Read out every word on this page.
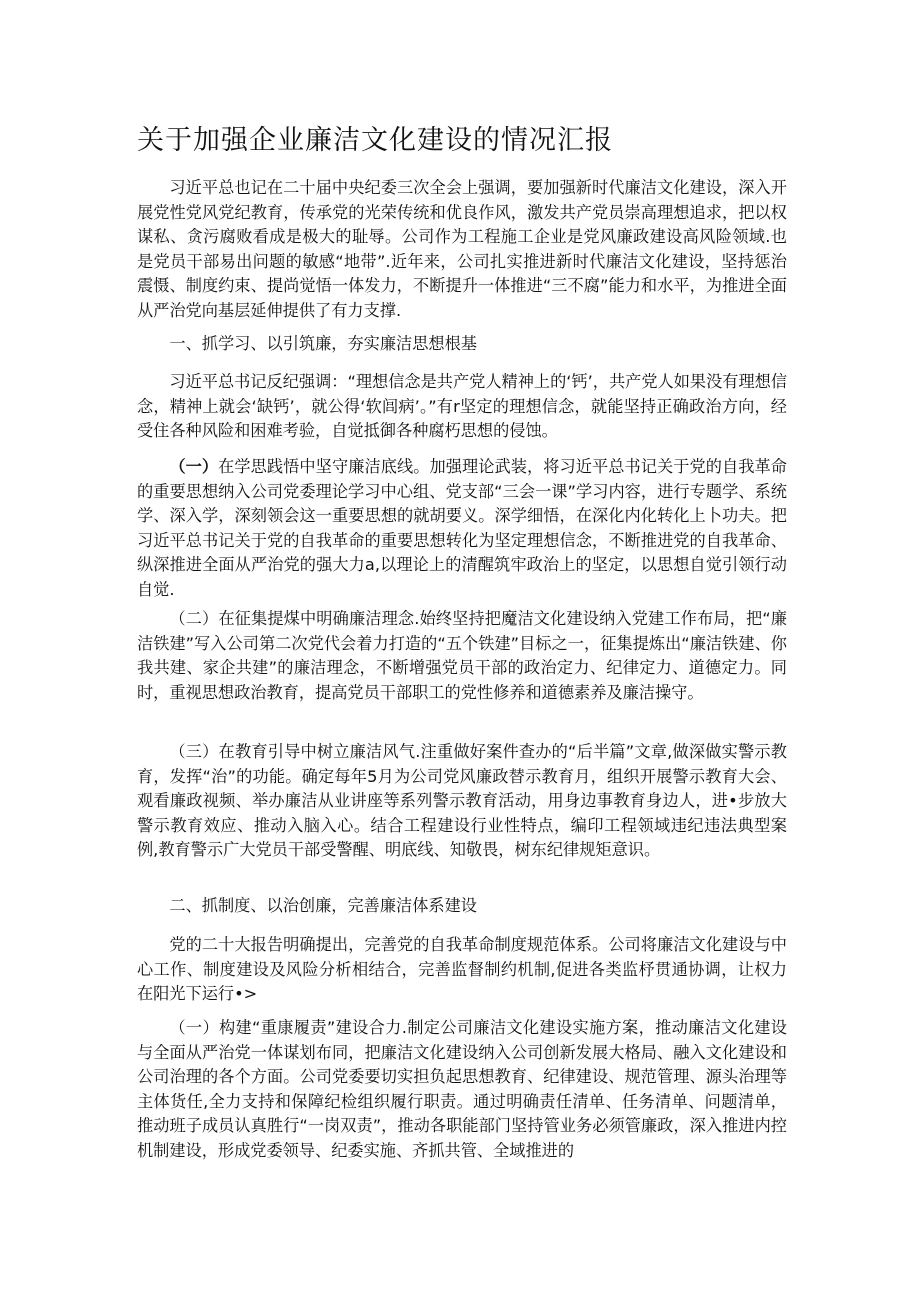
关于加强企业廉洁文化建设的情况汇报

习近平总也记在二十届中央纪委三次全会上强调，要加强新时代廉洁文化建设，深入开展党性党风党纪教育，传承党的光荣传统和优良作风，激发共产党员崇高理想追求，把以权谋私、贪污腐败看成是极大的耻辱。公司作为工程施工企业是党风廉政建设高风险领域.也是党员干部易出问题的敏感“地带”.近年来，公司扎实推进新时代廉洁文化建设，坚持惩治震慑、制度约束、提尚觉悟一体发力，不断提升一体推进“三不腐”能力和水平，为推进全面从严治党向基层延伸提供了有力支撑.

一、抓学习、以引筑廉，夯实廉洁思想根基

习近平总书记反纪强调：“理想信念是共产党人精神上的‘钙’，共产党人如果没有理想信念，精神上就会‘缺钙’，就公得‘软闾病’。”有r坚定的理想信念，就能坚持正确政治方向，经受住各种风险和困难考验，自觉抵御各种腐朽思想的侵蚀。

（一）在学思践悟中坚守廉洁底线。加强理论武装，将习近平总书记关于党的自我革命的重要思想纳入公司党委理论学习中心组、党支部“三会一课”学习内容，进行专题学、系统学、深入学，深刻领会这一重要思想的就胡要义。深学细悟，在深化内化转化上卜功夫。把习近平总书记关于党的自我革命的重要思想转化为坚定理想信念，不断推进党的自我革命、纵深推进全面从严治党的强大力a,以理论上的清醒筑牢政治上的坚定，以思想自觉引领行动自觉.

（二）在征集提煤中明确廉洁理念.始终坚持把魔洁文化建设纳入党建工作布局，把“廉洁铁建”写入公司第二次党代会着力打造的“五个铁建”目标之一，征集提炼出“廉洁铁建、你我共建、家企共建”的廉洁理念，不断增强党员干部的政治定力、纪律定力、道德定力。同时，重视思想政治教育，提高党员干部职工的党性修养和道德素养及廉洁操守。

（三）在教育引导中树立廉洁风气.注重做好案件查办的“后半篇”文章,做深做实警示教育，发挥“治”的功能。确定每年5月为公司党风廉政替示教育月，组织开展警示教育大会、观看廉政视频、举办廉洁从业讲座等系列警示教育活动，用身边事教育身边人，进•步放大警示教育效应、推动入脑入心。结合工程建设行业性特点，编印工程领域违纪违法典型案例,教育警示广大党员干部受警醒、明底线、知敬畏，树东纪律规矩意识。

二、抓制度、以治创廉，完善廉洁体系建设

党的二十大报告明确提出，完善党的自我革命制度规范体系。公司将廉洁文化建设与中心工作、制度建设及风险分析相结合，完善监督制约机制,促进各类监杼贯通协调，让权力在阳光下运行•>

（一）构建“重康履责”建设合力.制定公司廉洁文化建设实施方案，推动廉洁文化建设与全面从严治党一体谋划布同，把廉洁文化建设纳入公司创新发展大格局、融入文化建设和公司治理的各个方面。公司党委要切实担负起思想教育、纪律建设、规范管理、源头治理等主体货任,全力支持和保障纪检组织履行职责。通过明确责任清单、任务清单、问题清单，推动班子成员认真胜行“一岗双责”，推动各职能部门坚持管业务必须管廉政，深入推进内控机制建设，形成党委领导、纪委实施、齐抓共管、全域推进的
